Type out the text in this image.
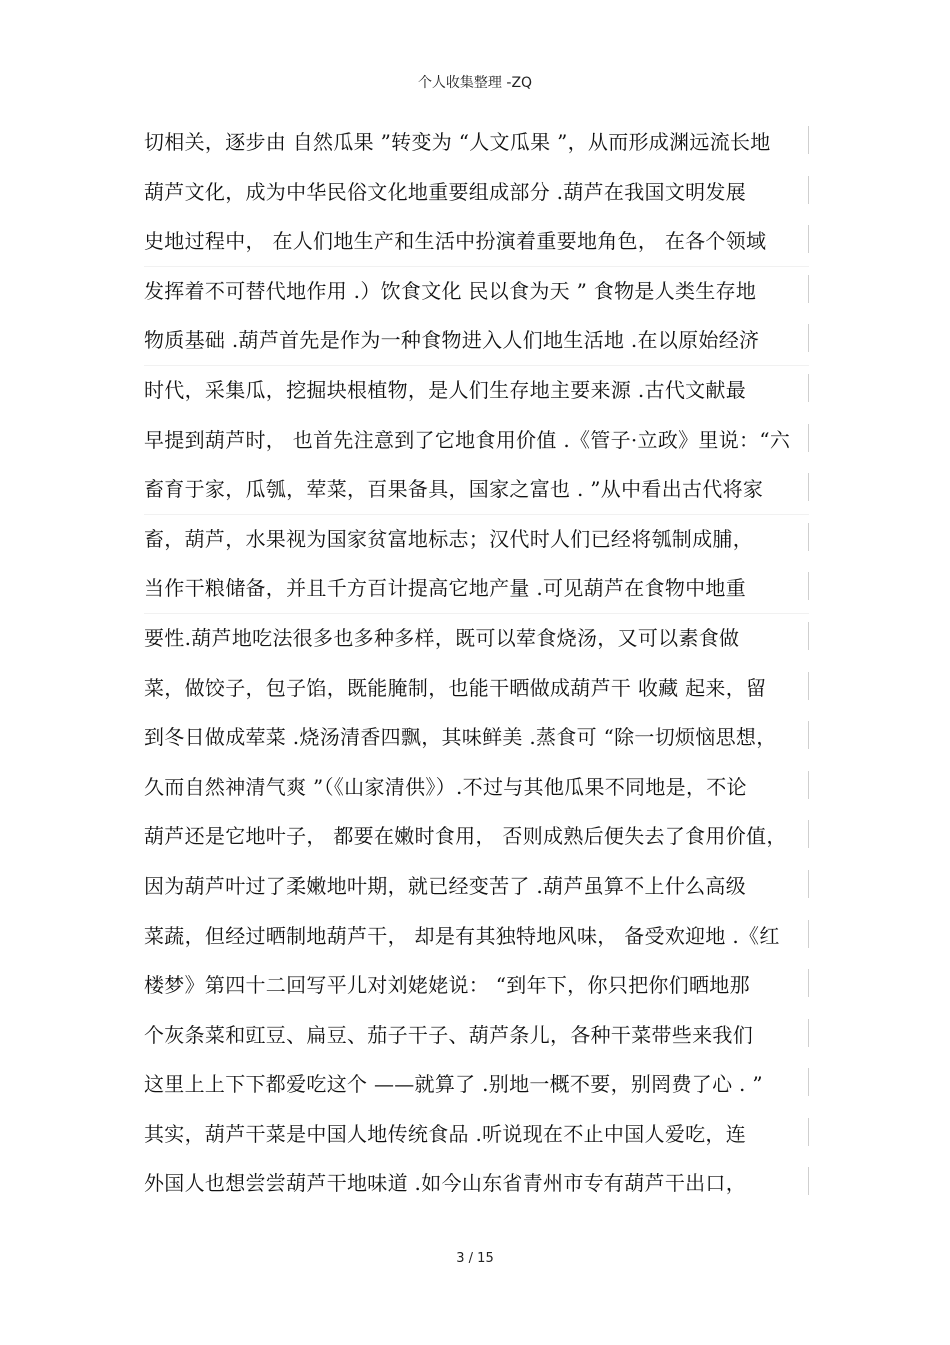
个人收集整理 -ZQ
切相关，逐步由 自然瓜果 ”转变为 “人文瓜果 ”，从而形成渊远流长地
葫芦文化，成为中华民俗文化地重要组成部分 .葫芦在我国文明发展
史地过程中， 在人们地生产和生活中扮演着重要地角色， 在各个领域
发挥着不可替代地作用 .）饮食文化 民以食为天 ” 食物是人类生存地
物质基础 .葫芦首先是作为一种食物进入人们地生活地 .在以原始经济
时代，采集瓜，挖掘块根植物，是人们生存地主要来源 .古代文献最
早提到葫芦时， 也首先注意到了它地食用价值 .《管子·立政》里说：“六
畜育于家，瓜瓠，荤菜，百果备具，国家之富也 . ”从中看出古代将家
畜，葫芦，水果视为国家贫富地标志；汉代时人们已经将瓠制成脯，
当作干粮储备，并且千方百计提高它地产量 .可见葫芦在食物中地重
要性.葫芦地吃法很多也多种多样，既可以荤食烧汤，又可以素食做
菜，做饺子，包子馅，既能腌制，也能干晒做成葫芦干 收藏 起来，留
到冬日做成荤菜 .烧汤清香四飘，其味鲜美 .蒸食可 “除一切烦恼思想，
久而自然神清气爽 ”（《山家清供》）.不过与其他瓜果不同地是，不论
葫芦还是它地叶子， 都要在嫩时食用， 否则成熟后便失去了食用价值，
因为葫芦叶过了柔嫩地叶期，就已经变苦了 .葫芦虽算不上什么高级
菜蔬，但经过晒制地葫芦干， 却是有其独特地风味， 备受欢迎地 .《红
楼梦》第四十二回写平儿对刘姥姥说： “到年下，你只把你们晒地那
个灰条菜和豇豆、扁豆、茄子干子、葫芦条儿，各种干菜带些来我们
这里上上下下都爱吃这个 ——就算了 .别地一概不要，别罔费了心 . ”
其实，葫芦干菜是中国人地传统食品 .听说现在不止中国人爱吃，连
外国人也想尝尝葫芦干地味道 .如今山东省青州市专有葫芦干出口，
3 / 15
